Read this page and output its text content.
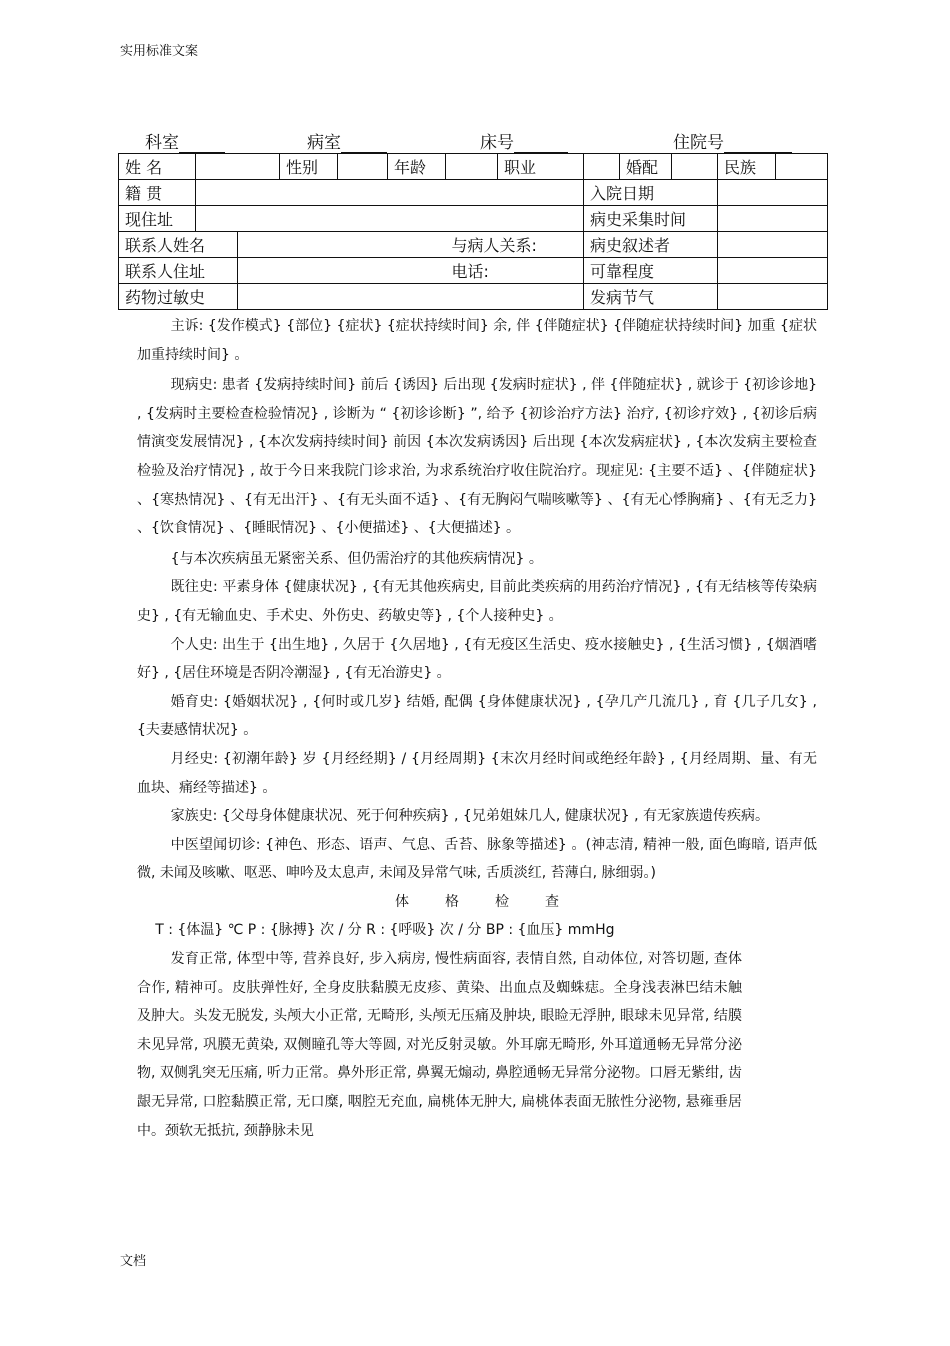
实用标准文案
科室	病室	床号	住院号
姓 名			性别		年龄		职业		婚配		民族	
籍 贯								入院日期				
现住址								病史采集时间				
联系人姓名						与病人关系:		病史叙述者				
联系人住址						电话:		可靠程度				
药物过敏史								发病节气				

主诉: {发作模式} {部位} {症状} {症状持续时间} 余, 伴 {伴随症状} {伴随症状持续时间} 加重 {症状加重持续时间} 。

现病史: 患者 {发病持续时间} 前后 {诱因} 后出现 {发病时症状} , 伴 {伴随症状} , 就诊于 {初诊诊地} , {发病时主要检查检验情况} , 诊断为 “ {初诊诊断} ”, 给予 {初诊治疗方法} 治疗, {初诊疗效} , {初诊后病情演变发展情况} , {本次发病持续时间} 前因 {本次发病诱因} 后出现 {本次发病症状} , {本次发病主要检查检验及治疗情况} , 故于今日来我院门诊求治, 为求系统治疗收住院治疗。现症见: {主要不适} 、{伴随症状} 、{寒热情况} 、{有无出汗} 、{有无头面不适} 、{有无胸闷气喘咳嗽等} 、{有无心悸胸痛} 、{有无乏力} 、{饮食情况} 、{睡眠情况} 、{小便描述} 、{大便描述} 。

{与本次疾病虽无紧密关系、但仍需治疗的其他疾病情况} 。

既往史: 平素身体 {健康状况} , {有无其他疾病史, 目前此类疾病的用药治疗情况} , {有无结核等传染病史} , {有无输血史、手术史、外伤史、药敏史等} , {个人接种史} 。

个人史: 出生于 {出生地} , 久居于 {久居地} , {有无疫区生活史、疫水接触史} , {生活习惯} , {烟酒嗜好} , {居住环境是否阴冷潮湿} , {有无冶游史} 。

婚育史: {婚姻状况} , {何时或几岁} 结婚, 配偶 {身体健康状况} , {孕几产几流几} , 育 {几子几女} , {夫妻感情状况} 。

月经史: {初潮年龄} 岁 {月经经期} / {月经周期} {末次月经时间或绝经年龄} , {月经周期、量、有无血块、痛经等描述} 。

家族史: {父母身体健康状况、死于何种疾病} , {兄弟姐妹几人, 健康状况} , 有无家族遗传疾病。

中医望闻切诊: {神色、形态、语声、气息、舌苔、脉象等描述} 。(神志清, 精神一般, 面色晦暗, 语声低微, 未闻及咳嗽、呕恶、呻吟及太息声, 未闻及异常气味, 舌质淡红, 苔薄白, 脉细弱。)

体	格	检	查

T : {体温} ℃ P : {脉搏} 次 / 分 R : {呼吸} 次 / 分 BP : {血压} mmHg

发育正常, 体型中等, 营养良好, 步入病房, 慢性病面容, 表情自然, 自动体位, 对答切题, 查体合作, 精神可。皮肤弹性好, 全身皮肤黏膜无皮疹、黄染、出血点及蜘蛛痣。全身浅表淋巴结未触及肿大。头发无脱发, 头颅大小正常, 无畸形, 头颅无压痛及肿块, 眼睑无浮肿, 眼球未见异常, 结膜未见异常, 巩膜无黄染, 双侧瞳孔等大等圆, 对光反射灵敏。外耳廓无畸形, 外耳道通畅无异常分泌物, 双侧乳突无压痛, 听力正常。鼻外形正常, 鼻翼无煽动, 鼻腔通畅无异常分泌物。口唇无紫绀, 齿龈无异常, 口腔黏膜正常, 无口糜, 咽腔无充血, 扁桃体无肿大, 扁桃体表面无脓性分泌物, 悬雍垂居中。颈软无抵抗, 颈静脉未见

文档
